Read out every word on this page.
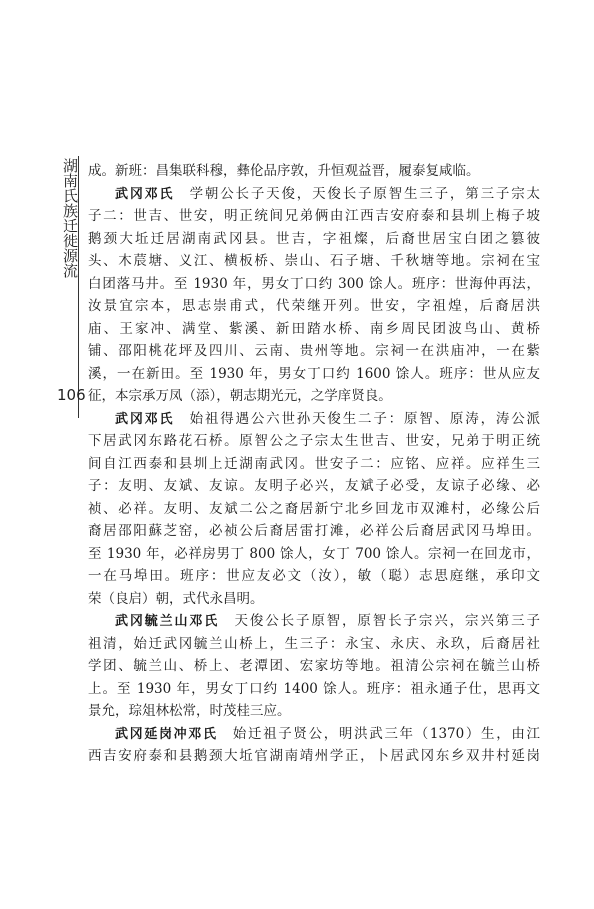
湖南氏族迁徙源流
106
成。新班：昌集联科穆，彝伦品序敦，升恒观益晋，履泰复咸临。
武冈邓氏　 学朝公长子天俊，天俊长子原智生三子，第三子宗太
子二：世吉、世安，明正统间兄弟俩由江西吉安府泰和县圳上梅子坡
鹅颈大坵迁居湖南武冈县。世吉，字祖燦，后裔世居宝白团之篡彼
头、木莀塘、义江、横板桥、崇山、石子塘、千秋塘等地。宗祠在宝
白团落马井。至 1930 年，男女丁口约 300 馀人。班序：世海仲再法，
汝景宜宗本，思志崇甫式，代荣继开列。世安，字祖煌，后裔居洪
庙、王家冲、满堂、紫溪、新田踏水桥、南乡周民团波鸟山、黄桥
铺、邵阳桃花坪及四川、云南、贵州等地。宗祠一在洪庙冲，一在紫
溪，一在新田。至 1930 年，男女丁口约 1600 馀人。班序：世从应友
征，本宗承万凤（添），朝志期光元，之学庠贤良。
武冈邓氏　 始祖得遇公六世孙天俊生二子：原智、原涛，涛公派
下居武冈东路花石桥。原智公之子宗太生世吉、世安，兄弟于明正统
间自江西泰和县圳上迁湖南武冈。世安子二：应铭、应祥。应祥生三
子：友明、友斌、友谅。友明子必兴，友斌子必受，友谅子必缘、必
祯、必祥。友明、友斌二公之裔居新宁北乡回龙市双滩村，必缘公后
裔居邵阳蘇芝窑，必祯公后裔居雷打滩，必祥公后裔居武冈马埠田。
至 1930 年，必祥房男丁 800 馀人，女丁 700 馀人。宗祠一在回龙市，
一在马埠田。班序：世应友必文（汝），敏（聪）志思庭继，承印文
荣（良启）朝，式代永昌明。
武冈毓兰山邓氏　 天俊公长子原智，原智长子宗兴，宗兴第三子
祖清，始迁武冈毓兰山桥上，生三子：永宝、永庆、永玖，后裔居社
学团、毓兰山、桥上、老潭团、宏家坊等地。祖清公宗祠在毓兰山桥
上。至 1930 年，男女丁口约 1400 馀人。班序：祖永通子仕，思再文
景允，琮俎林松常，时茂桂三应。
武冈延岗冲邓氏　 始迁祖子贤公，明洪武三年（1370）生，由江
西吉安府泰和县鹅颈大坵官湖南靖州学正，卜居武冈东乡双井村延岗
